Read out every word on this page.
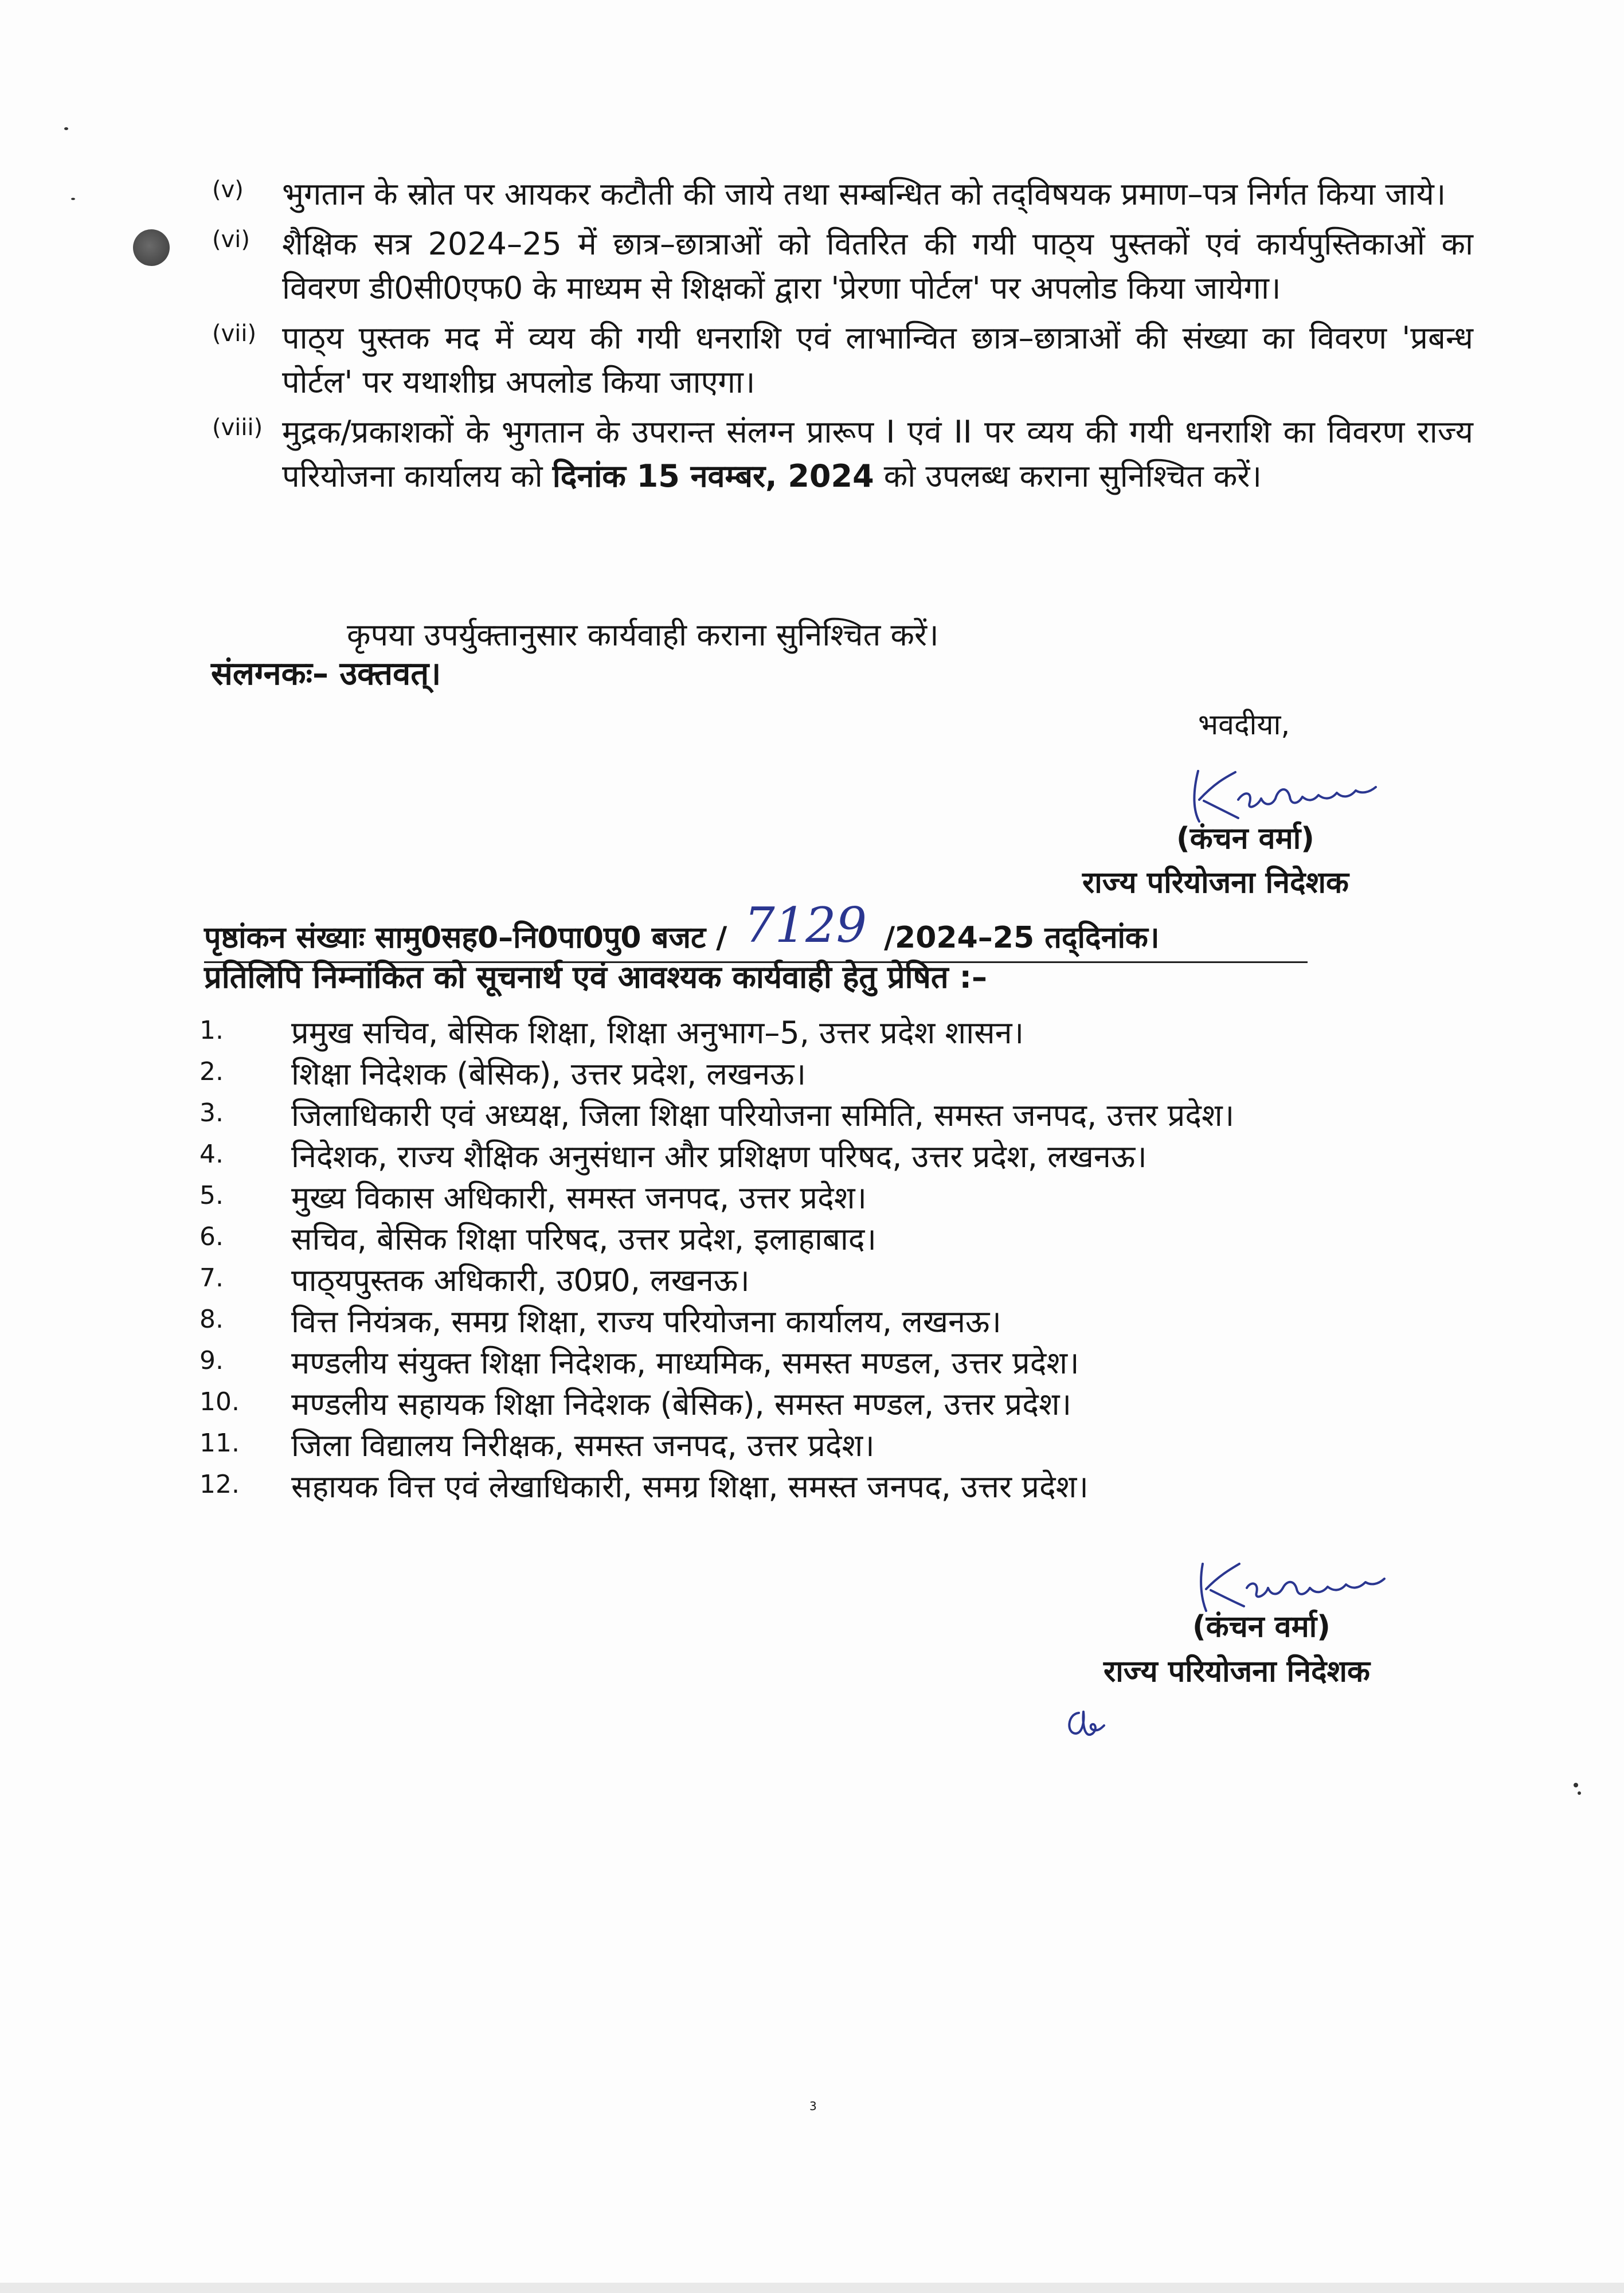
(v) भुगतान के स्रोत पर आयकर कटौती की जाये तथा सम्बन्धित को तद्‌विषयक प्रमाण–पत्र निर्गत किया जाये।
(vi) शैक्षिक सत्र 2024–25 में छात्र–छात्राओं को वितरित की गयी पाठ्‌य पुस्तकों एवं कार्यपुस्तिकाओं का विवरण डी0सी0एफ0 के माध्यम से शिक्षकों द्वारा 'प्रेरणा पोर्टल' पर अपलोड किया जायेगा।
(vii) पाठ्‌य पुस्तक मद में व्यय की गयी धनराशि एवं लाभान्वित छात्र–छात्राओं की संख्या का विवरण 'प्रबन्ध पोर्टल' पर यथाशीघ्र अपलोड किया जाएगा।
(viii) मुद्रक/प्रकाशकों के भुगतान के उपरान्त संलग्न प्रारूप I एवं II पर व्यय की गयी धनराशि का विवरण राज्य परियोजना कार्यालय को दिनांक 15 नवम्बर, 2024 को उपलब्ध कराना सुनिश्चित करें।
कृपया उपर्युक्तानुसार कार्यवाही कराना सुनिश्चित करें।
संलग्नकः– उक्तवत्।
भवदीया,
(कंचन वर्मा)
राज्य परियोजना निदेशक
पृष्ठांकन संख्याः सामु0सह0–नि0पा0पु0 बजट / 7129 /2024–25 तद्‌दिनांक।
प्रतिलिपि निम्नांकित को सूचनार्थ एवं आवश्यक कार्यवाही हेतु प्रेषित :–
1. प्रमुख सचिव, बेसिक शिक्षा, शिक्षा अनुभाग–5, उत्तर प्रदेश शासन।
2. शिक्षा निदेशक (बेसिक), उत्तर प्रदेश, लखनऊ।
3. जिलाधिकारी एवं अध्यक्ष, जिला शिक्षा परियोजना समिति, समस्त जनपद, उत्तर प्रदेश।
4. निदेशक, राज्य शैक्षिक अनुसंधान और प्रशिक्षण परिषद, उत्तर प्रदेश, लखनऊ।
5. मुख्य विकास अधिकारी, समस्त जनपद, उत्तर प्रदेश।
6. सचिव, बेसिक शिक्षा परिषद, उत्तर प्रदेश, इलाहाबाद।
7. पाठ्‌यपुस्तक अधिकारी, उ0प्र0, लखनऊ।
8. वित्त नियंत्रक, समग्र शिक्षा, राज्य परियोजना कार्यालय, लखनऊ।
9. मण्डलीय संयुक्त शिक्षा निदेशक, माध्यमिक, समस्त मण्डल, उत्तर प्रदेश।
10. मण्डलीय सहायक शिक्षा निदेशक (बेसिक), समस्त मण्डल, उत्तर प्रदेश।
11. जिला विद्यालय निरीक्षक, समस्त जनपद, उत्तर प्रदेश।
12. सहायक वित्त एवं लेखाधिकारी, समग्र शिक्षा, समस्त जनपद, उत्तर प्रदेश।
(कंचन वर्मा)
राज्य परियोजना निदेशक
3
